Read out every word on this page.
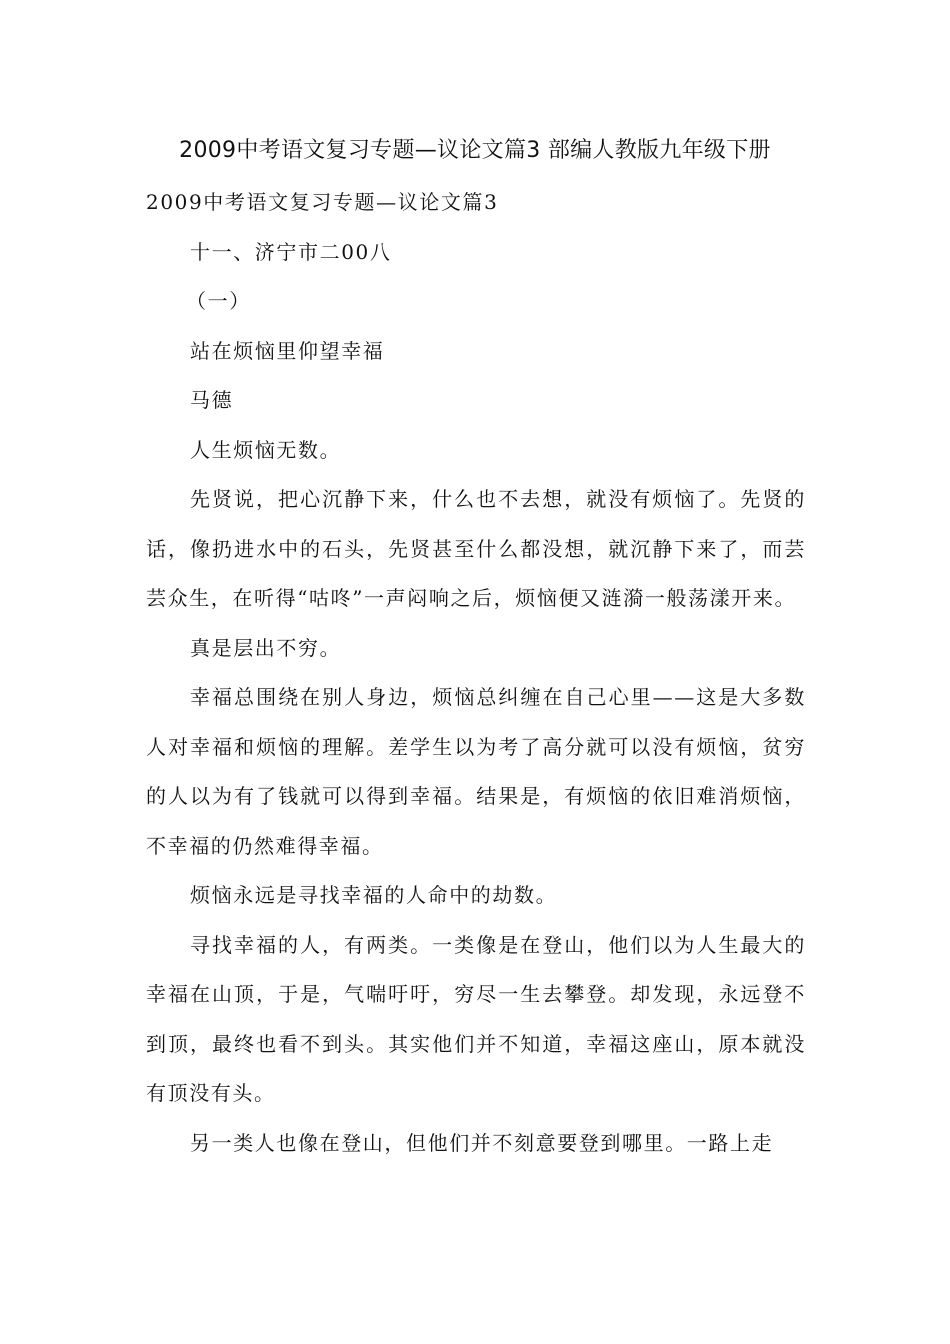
2009中考语文复习专题—议论文篇3 部编人教版九年级下册

2009中考语文复习专题—议论文篇3

十一、济宁市二00八

（一）

站在烦恼里仰望幸福

马德

人生烦恼无数。

先贤说，把心沉静下来，什么也不去想，就没有烦恼了。先贤的话，像扔进水中的石头，先贤甚至什么都没想，就沉静下来了，而芸芸众生，在听得“咕咚”一声闷响之后，烦恼便又涟漪一般荡漾开来。

真是层出不穷。

幸福总围绕在别人身边，烦恼总纠缠在自己心里——这是大多数人对幸福和烦恼的理解。差学生以为考了高分就可以没有烦恼，贫穷的人以为有了钱就可以得到幸福。结果是，有烦恼的依旧难消烦恼，不幸福的仍然难得幸福。

烦恼永远是寻找幸福的人命中的劫数。

寻找幸福的人，有两类。一类像是在登山，他们以为人生最大的幸福在山顶，于是，气喘吁吁，穷尽一生去攀登。却发现，永远登不到顶，最终也看不到头。其实他们并不知道，幸福这座山，原本就没有顶没有头。

另一类人也像在登山，但他们并不刻意要登到哪里。一路上走
